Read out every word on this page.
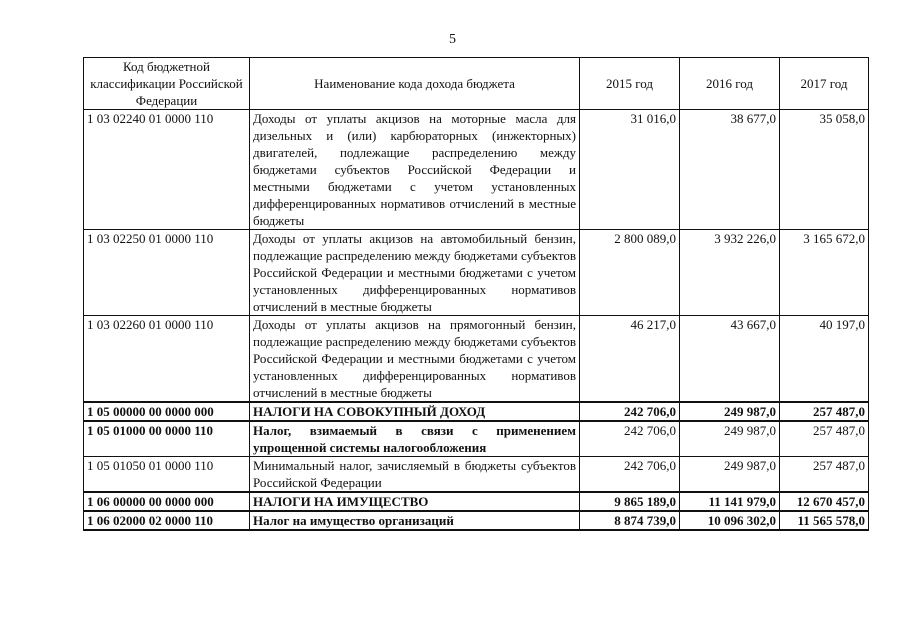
5
Код бюджетной классификации Российской Федерации	Наименование кода дохода бюджета	2015 год	2016 год	2017 год
1 03 02240 01 0000 110	Доходы от уплаты акцизов на моторные масла для дизельных и (или) карбюраторных (инжекторных) двигателей, подлежащие распределению между бюджетами субъектов Российской Федерации и местными бюджетами с учетом установленных дифференцированных нормативов отчислений в местные бюджеты	31 016,0	38 677,0	35 058,0
1 03 02250 01 0000 110	Доходы от уплаты акцизов на автомобильный бензин, подлежащие распределению между бюджетами субъектов Российской Федерации и местными бюджетами с учетом установленных дифференцированных нормативов отчислений в местные бюджеты	2 800 089,0	3 932 226,0	3 165 672,0
1 03 02260 01 0000 110	Доходы от уплаты акцизов на прямогонный бензин, подлежащие распределению между бюджетами субъектов Российской Федерации и местными бюджетами с учетом установленных дифференцированных нормативов отчислений в местные бюджеты	46 217,0	43 667,0	40 197,0
1 05 00000 00 0000 000	НАЛОГИ НА СОВОКУПНЫЙ ДОХОД	242 706,0	249 987,0	257 487,0
1 05 01000 00 0000 110	Налог, взимаемый в связи с применением упрощенной системы налогообложения	242 706,0	249 987,0	257 487,0
1 05 01050 01 0000 110	Минимальный налог, зачисляемый в бюджеты субъектов Российской Федерации	242 706,0	249 987,0	257 487,0
1 06 00000 00 0000 000	НАЛОГИ НА ИМУЩЕСТВО	9 865 189,0	11 141 979,0	12 670 457,0
1 06 02000 02 0000 110	Налог на имущество организаций	8 874 739,0	10 096 302,0	11 565 578,0
